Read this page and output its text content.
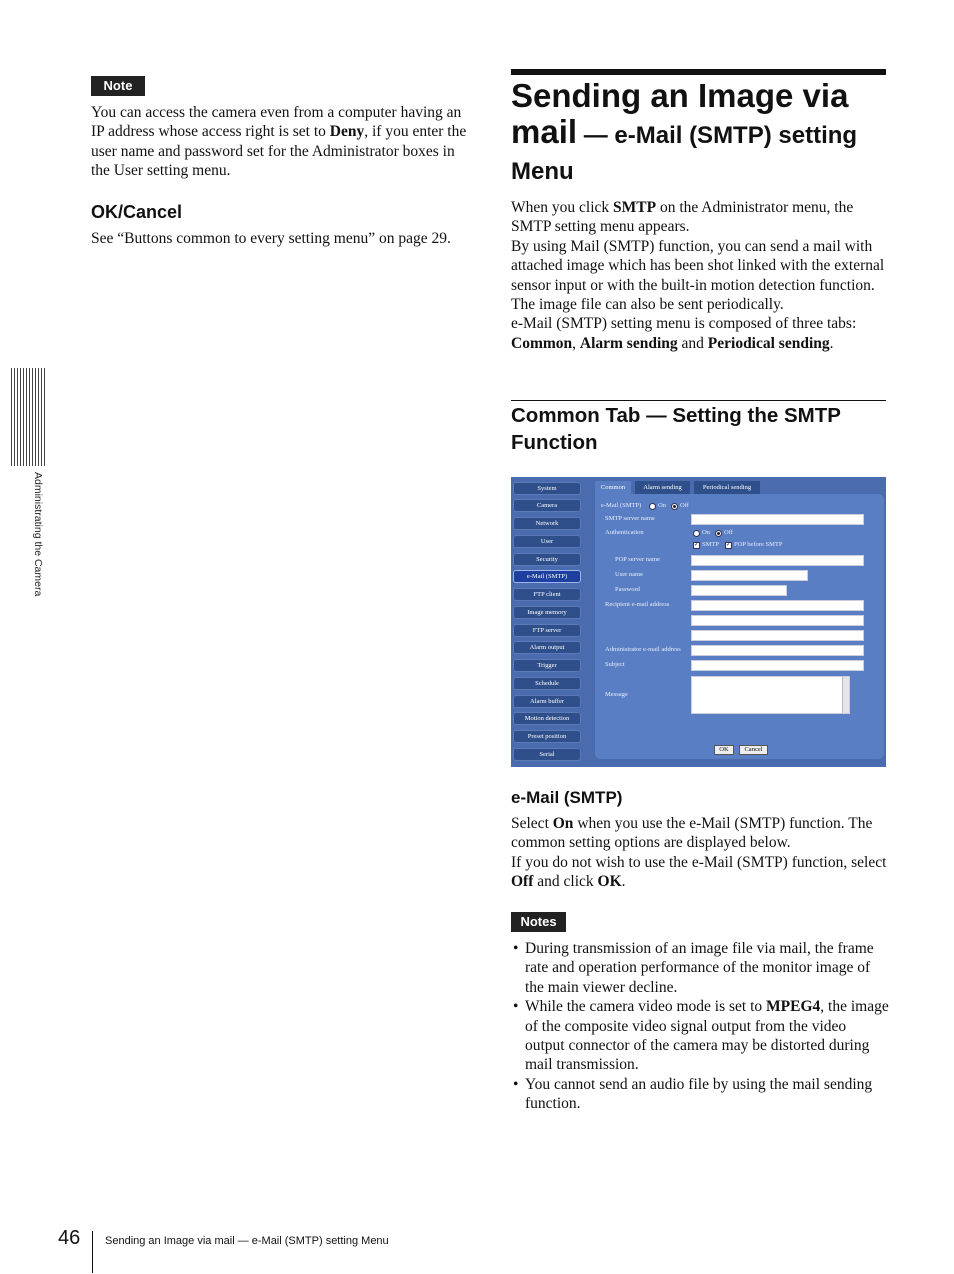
Note
You can access the camera even from a computer having an IP address whose access right is set to Deny, if you enter the user name and password set for the Administrator boxes in the User setting menu.
OK/Cancel
See “Buttons common to every setting menu” on page 29.
Administrating the Camera
Sending an Image via
mail — e-Mail (SMTP) setting
Menu
When you click SMTP on the Administrator menu, the SMTP setting menu appears.
By using Mail (SMTP) function, you can send a mail with attached image which has been shot linked with the external sensor input or with the built-in motion detection function. The image file can also be sent periodically.
e-Mail (SMTP) setting menu is composed of three tabs: Common, Alarm sending and Periodical sending.
Common Tab — Setting the SMTP Function
System
Camera
Network
User
Security
e-Mail (SMTP)
FTP client
Image memory
FTP server
Alarm output
Trigger
Schedule
Alarm buffer
Motion detection
Preset position
Serial
Common	Alarm sending	Periodical sending
e-Mail (SMTP)	On Off
SMTP server name
Authentication	On Off
✓ SMTP ✓ POP before SMTP
POP server name
User name
Password
Recipient e-mail address
Administrator e-mail address
Subject
Message
OK	Cancel
e-Mail (SMTP)
Select On when you use the e-Mail (SMTP) function. The common setting options are displayed below.
If you do not wish to use the e-Mail (SMTP) function, select Off and click OK.
Notes
• During transmission of an image file via mail, the frame rate and operation performance of the monitor image of the main viewer decline.
• While the camera video mode is set to MPEG4, the image of the composite video signal output from the video output connector of the camera may be distorted during mail transmission.
• You cannot send an audio file by using the mail sending function.
46 Sending an Image via mail — e-Mail (SMTP) setting Menu
